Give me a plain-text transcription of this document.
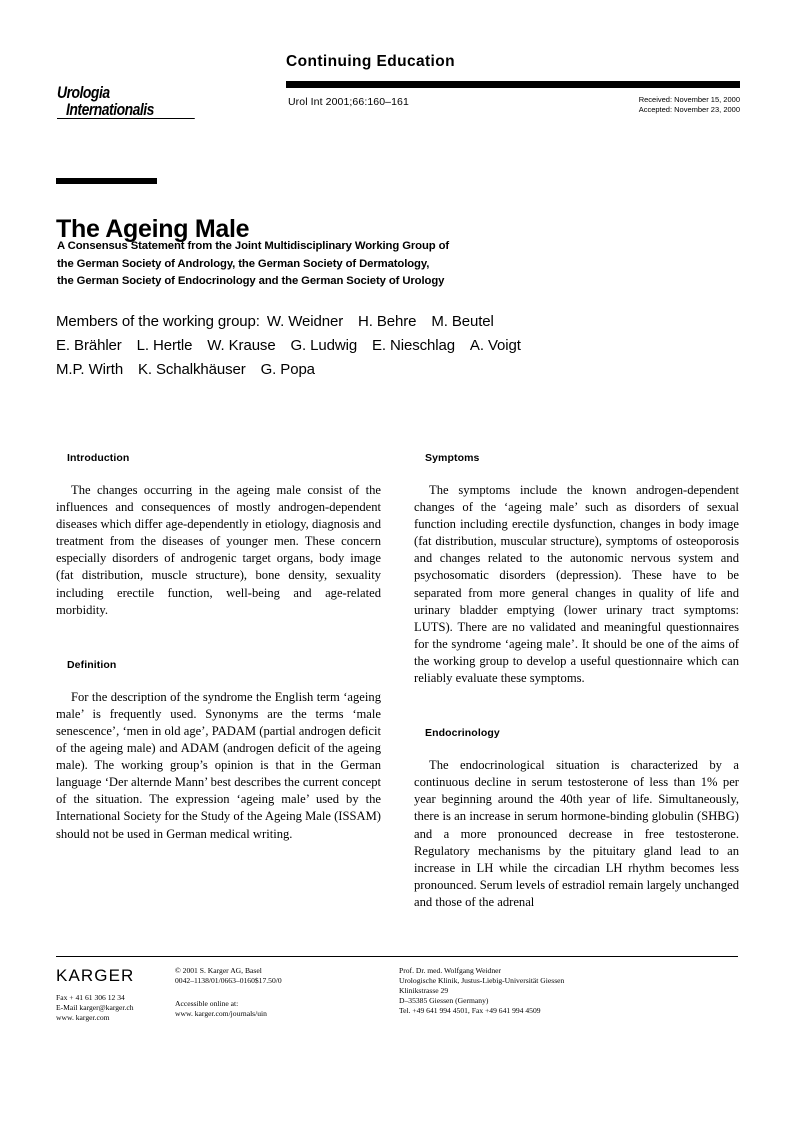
Continuing Education
Urologia
Internationalis	Urol Int 2001;66:160–161	Received: November 15, 2000
Accepted: November 23, 2000
The Ageing Male
A Consensus Statement from the Joint Multidisciplinary Working Group of
the German Society of Andrology, the German Society of Dermatology,
the German Society of Endocrinology and the German Society of Urology
Members of the working group: W. Weidner H. Behre M. Beutel
E. Brähler L. Hertle W. Krause G. Ludwig E. Nieschlag A. Voigt
M.P. Wirth K. Schalkhäuser G. Popa
Introduction

The changes occurring in the ageing male consist of the influences and consequences of mostly androgen-dependent diseases which differ age-dependently in etiology, diagnosis and treatment from the diseases of younger men. These concern especially disorders of androgenic target organs, body image (fat distribution, muscle structure), bone density, sexuality including erectile function, well-being and age-related morbidity.

Definition

For the description of the syndrome the English term ‘ageing male’ is frequently used. Synonyms are the terms ‘male senescence’, ‘men in old age’, PADAM (partial androgen deficit of the ageing male) and ADAM (androgen deficit of the ageing male). The working group’s opinion is that in the German language ‘Der alternde Mann’ best describes the current concept of the situation. The expression ‘ageing male’ used by the International Society for the Study of the Ageing Male (ISSAM) should not be used in German medical writing.

Symptoms

The symptoms include the known androgen-dependent changes of the ‘ageing male’ such as disorders of sexual function including erectile dysfunction, changes in body image (fat distribution, muscular structure), symptoms of osteoporosis and changes related to the autonomic nervous system and psychosomatic disorders (depression). These have to be separated from more general changes in quality of life and urinary bladder emptying (lower urinary tract symptoms: LUTS). There are no validated and meaningful questionnaires for the syndrome ‘ageing male’. It should be one of the aims of the working group to develop a useful questionnaire which can reliably evaluate these symptoms.

Endocrinology

The endocrinological situation is characterized by a continuous decline in serum testosterone of less than 1% per year beginning around the 40th year of life. Simultaneously, there is an increase in serum hormone-binding globulin (SHBG) and a more pronounced decrease in free testosterone. Regulatory mechanisms by the pituitary gland lead to an increase in LH while the circadian LH rhythm becomes less pronounced. Serum levels of estradiol remain largely unchanged and those of the adrenal

KARGER
Fax + 41 61 306 12 34
E-Mail karger@karger.ch
www. karger.com
© 2001 S. Karger AG, Basel
0042–1138/01/0663–0160$17.50/0
Accessible online at:
www. karger.com/journals/uin
Prof. Dr. med. Wolfgang Weidner
Urologische Klinik, Justus-Liebig-Universität Giessen
Klinikstrasse 29
D–35385 Giessen (Germany)
Tel. +49 641 994 4501, Fax +49 641 994 4509
